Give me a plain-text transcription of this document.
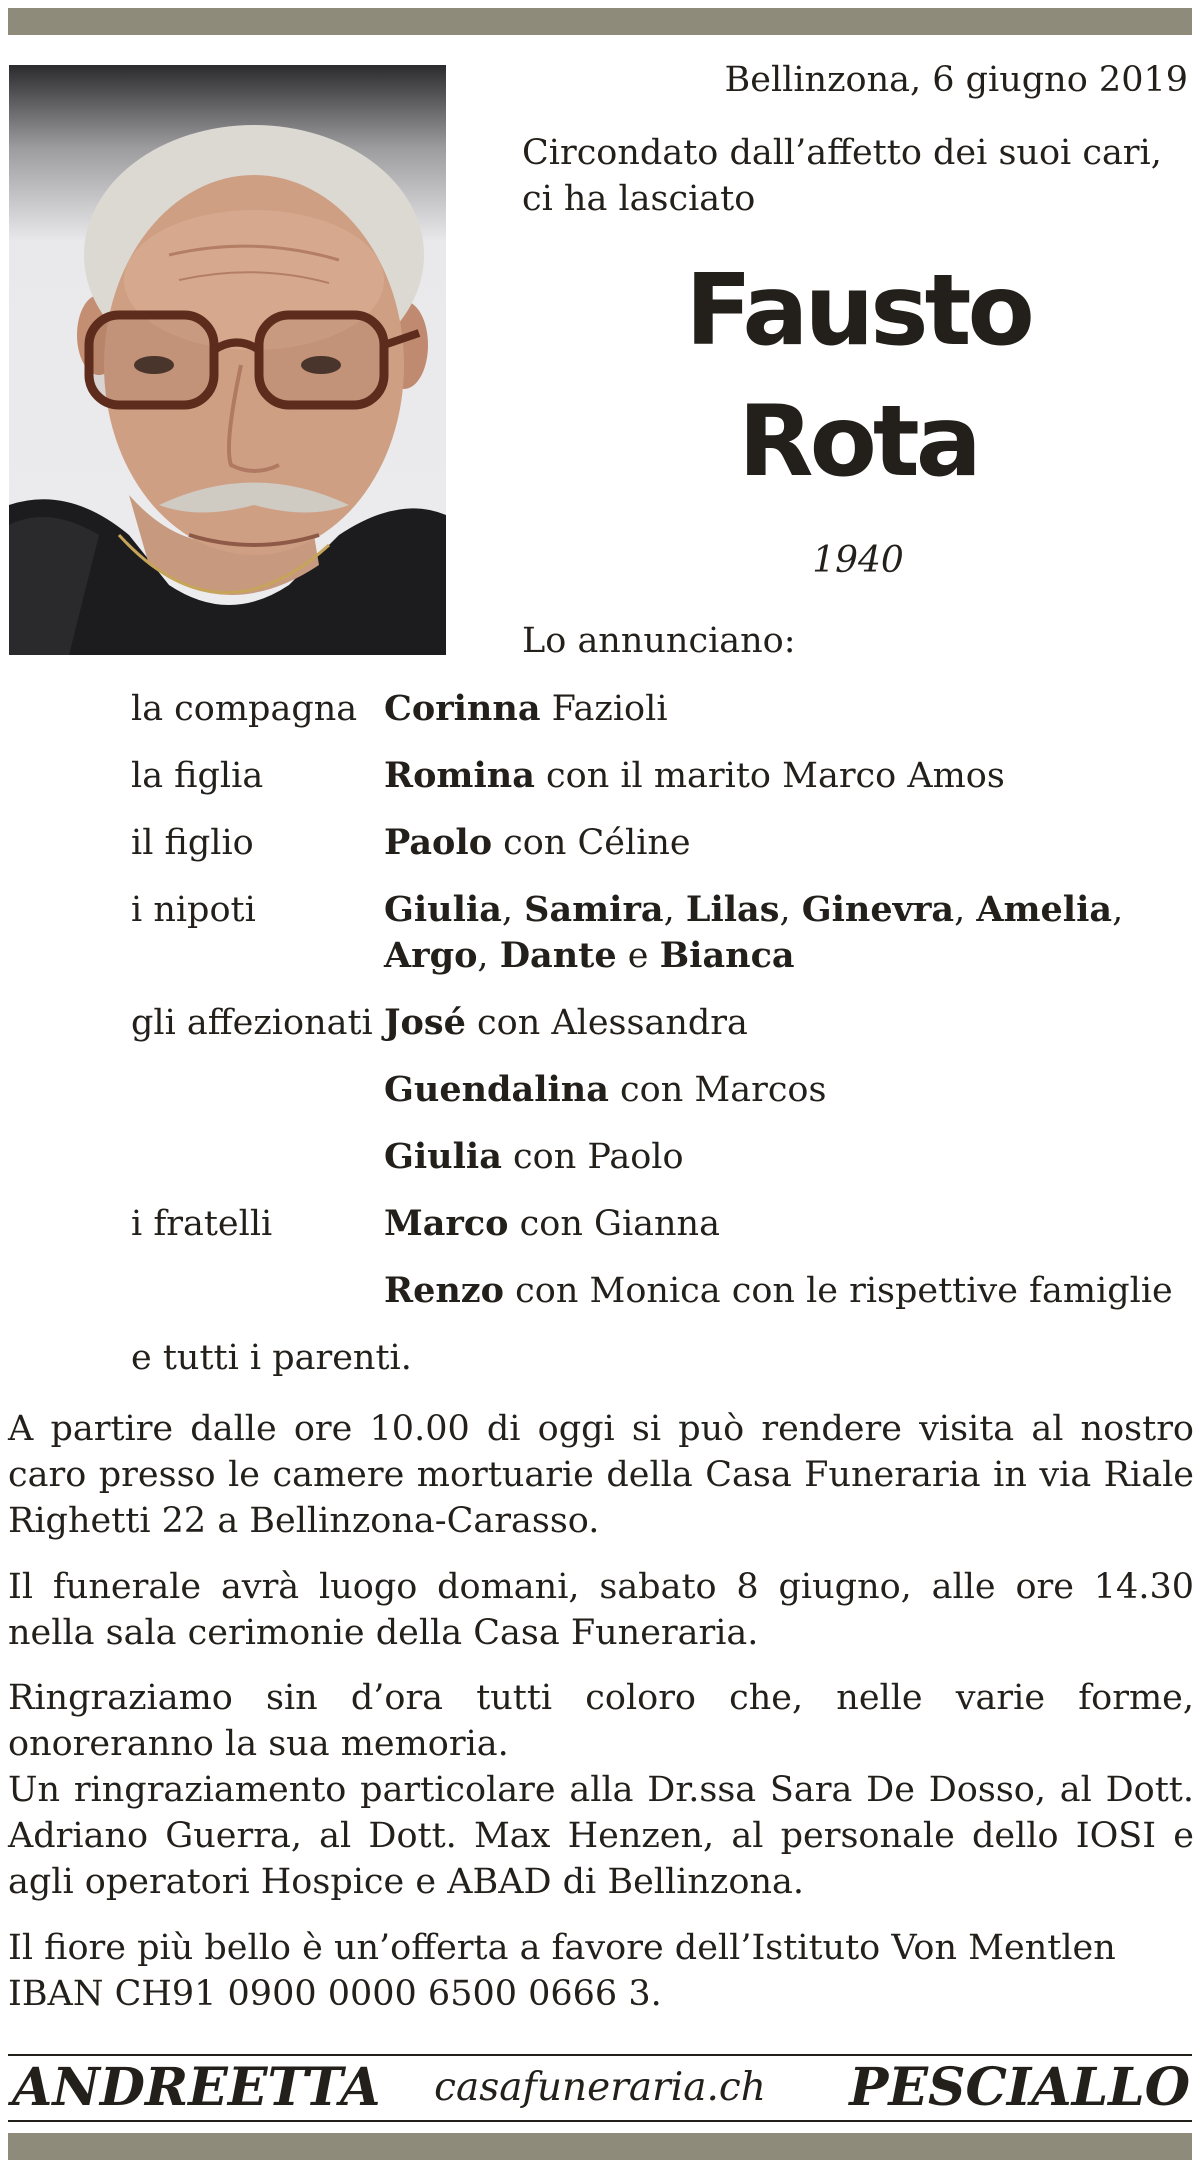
Bellinzona, 6 giugno 2019
Circondato dall’affetto dei suoi cari, ci ha lasciato
Fausto
Rota
1940
Lo annunciano:
la compagna Corinna Fazioli
la figlia	Romina con il marito Marco Amos
il figlio	Paolo con Céline
i nipoti	Giulia, Samira, Lilas, Ginevra, Amelia,
Argo, Dante e Bianca
gli affezionati José con Alessandra
Guendalina con Marcos
Giulia con Paolo
i fratelli	Marco con Gianna
Renzo con Monica con le rispettive famiglie
e tutti i parenti.
A partire dalle ore 10.00 di oggi si può rendere visita al nostro caro presso le camere mortuarie della Casa Funeraria in via Riale Righetti 22 a Bellinzona-Carasso.
Il funerale avrà luogo domani, sabato 8 giugno, alle ore 14.30 nella sala cerimonie della Casa Funeraria.
Ringraziamo sin d’ora tutti coloro che, nelle varie forme, onoreranno la sua memoria.
Un ringraziamento particolare alla Dr.ssa Sara De Dosso, al Dott. Adriano Guerra, al Dott. Max Henzen, al personale dello IOSI e agli operatori Hospice e ABAD di Bellinzona.
Il fiore più bello è un’offerta a favore dell’Istituto Von Mentlen
IBAN CH91 0900 0000 6500 0666 3.
ANDREETTA	casafuneraria.ch	PESCIALLO
